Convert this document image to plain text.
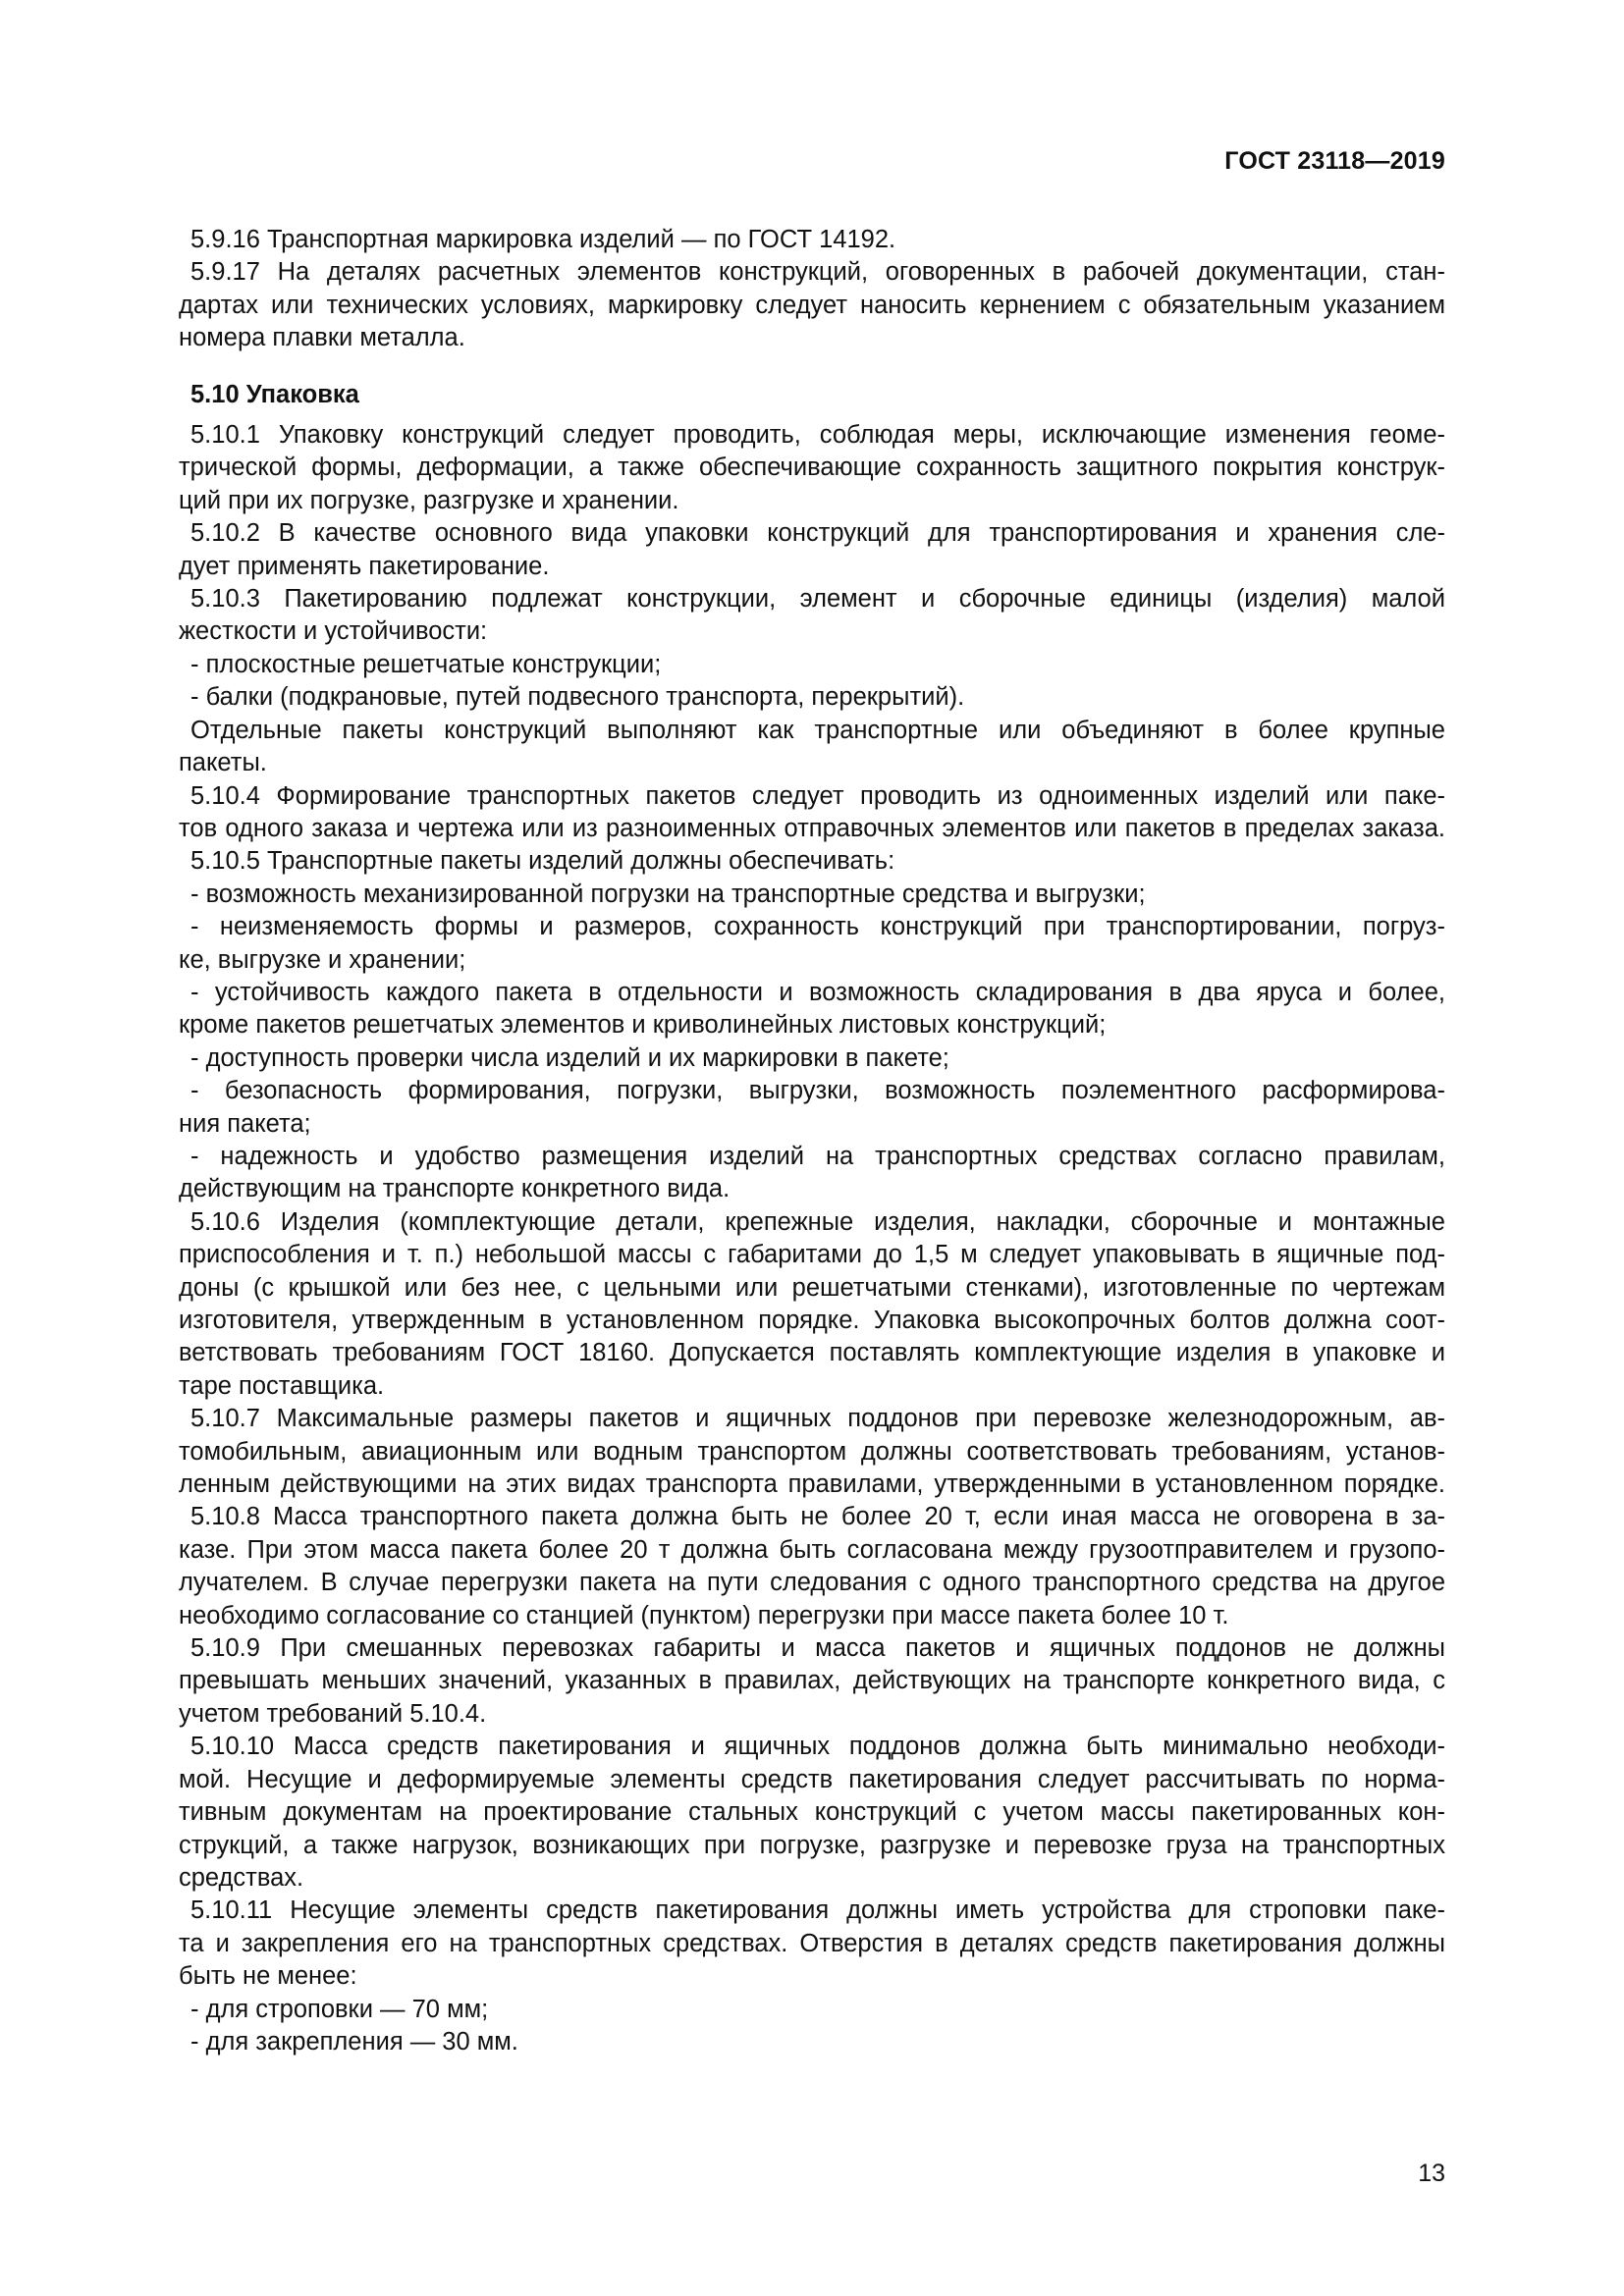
ГОСТ 23118—2019
5.9.16 Транспортная маркировка изделий — по ГОСТ 14192.
5.9.17 На деталях расчетных элементов конструкций, оговоренных в рабочей документации, стан-
дартах или технических условиях, маркировку следует наносить кернением с обязательным указанием
номера плавки металла.
5.10 Упаковка
5.10.1 Упаковку конструкций следует проводить, соблюдая меры, исключающие изменения геоме-
трической формы, деформации, а также обеспечивающие сохранность защитного покрытия конструк-
ций при их погрузке, разгрузке и хранении.
5.10.2 В качестве основного вида упаковки конструкций для транспортирования и хранения сле-
дует применять пакетирование.
5.10.3 Пакетированию подлежат конструкции, элемент и сборочные единицы (изделия) малой
жесткости и устойчивости:
- плоскостные решетчатые конструкции;
- балки (подкрановые, путей подвесного транспорта, перекрытий).
Отдельные пакеты конструкций выполняют как транспортные или объединяют в более крупные
пакеты.
5.10.4 Формирование транспортных пакетов следует проводить из одноименных изделий или паке-
тов одного заказа и чертежа или из разноименных отправочных элементов или пакетов в пределах заказа.
5.10.5 Транспортные пакеты изделий должны обеспечивать:
- возможность механизированной погрузки на транспортные средства и выгрузки;
- неизменяемость формы и размеров, сохранность конструкций при транспортировании, погруз-
ке, выгрузке и хранении;
- устойчивость каждого пакета в отдельности и возможность складирования в два яруса и более,
кроме пакетов решетчатых элементов и криволинейных листовых конструкций;
- доступность проверки числа изделий и их маркировки в пакете;
- безопасность формирования, погрузки, выгрузки, возможность поэлементного расформирова-
ния пакета;
- надежность и удобство размещения изделий на транспортных средствах согласно правилам,
действующим на транспорте конкретного вида.
5.10.6 Изделия (комплектующие детали, крепежные изделия, накладки, сборочные и монтажные
приспособления и т. п.) небольшой массы с габаритами до 1,5 м следует упаковывать в ящичные под-
доны (с крышкой или без нее, с цельными или решетчатыми стенками), изготовленные по чертежам
изготовителя, утвержденным в установленном порядке. Упаковка высокопрочных болтов должна соот-
ветствовать требованиям ГОСТ 18160. Допускается поставлять комплектующие изделия в упаковке и
таре поставщика.
5.10.7 Максимальные размеры пакетов и ящичных поддонов при перевозке железнодорожным, ав-
томобильным, авиационным или водным транспортом должны соответствовать требованиям, установ-
ленным действующими на этих видах транспорта правилами, утвержденными в установленном порядке.
5.10.8 Масса транспортного пакета должна быть не более 20 т, если иная масса не оговорена в за-
казе. При этом масса пакета более 20 т должна быть согласована между грузоотправителем и грузопо-
лучателем. В случае перегрузки пакета на пути следования с одного транспортного средства на другое
необходимо согласование со станцией (пунктом) перегрузки при массе пакета более 10 т.
5.10.9 При смешанных перевозках габариты и масса пакетов и ящичных поддонов не должны
превышать меньших значений, указанных в правилах, действующих на транспорте конкретного вида, с
учетом требований 5.10.4.
5.10.10 Масса средств пакетирования и ящичных поддонов должна быть минимально необходи-
мой. Несущие и деформируемые элементы средств пакетирования следует рассчитывать по норма-
тивным документам на проектирование стальных конструкций с учетом массы пакетированных кон-
струкций, а также нагрузок, возникающих при погрузке, разгрузке и перевозке груза на транспортных
средствах.
5.10.11 Несущие элементы средств пакетирования должны иметь устройства для строповки паке-
та и закрепления его на транспортных средствах. Отверстия в деталях средств пакетирования должны
быть не менее:
- для строповки — 70 мм;
- для закрепления — 30 мм.
13
